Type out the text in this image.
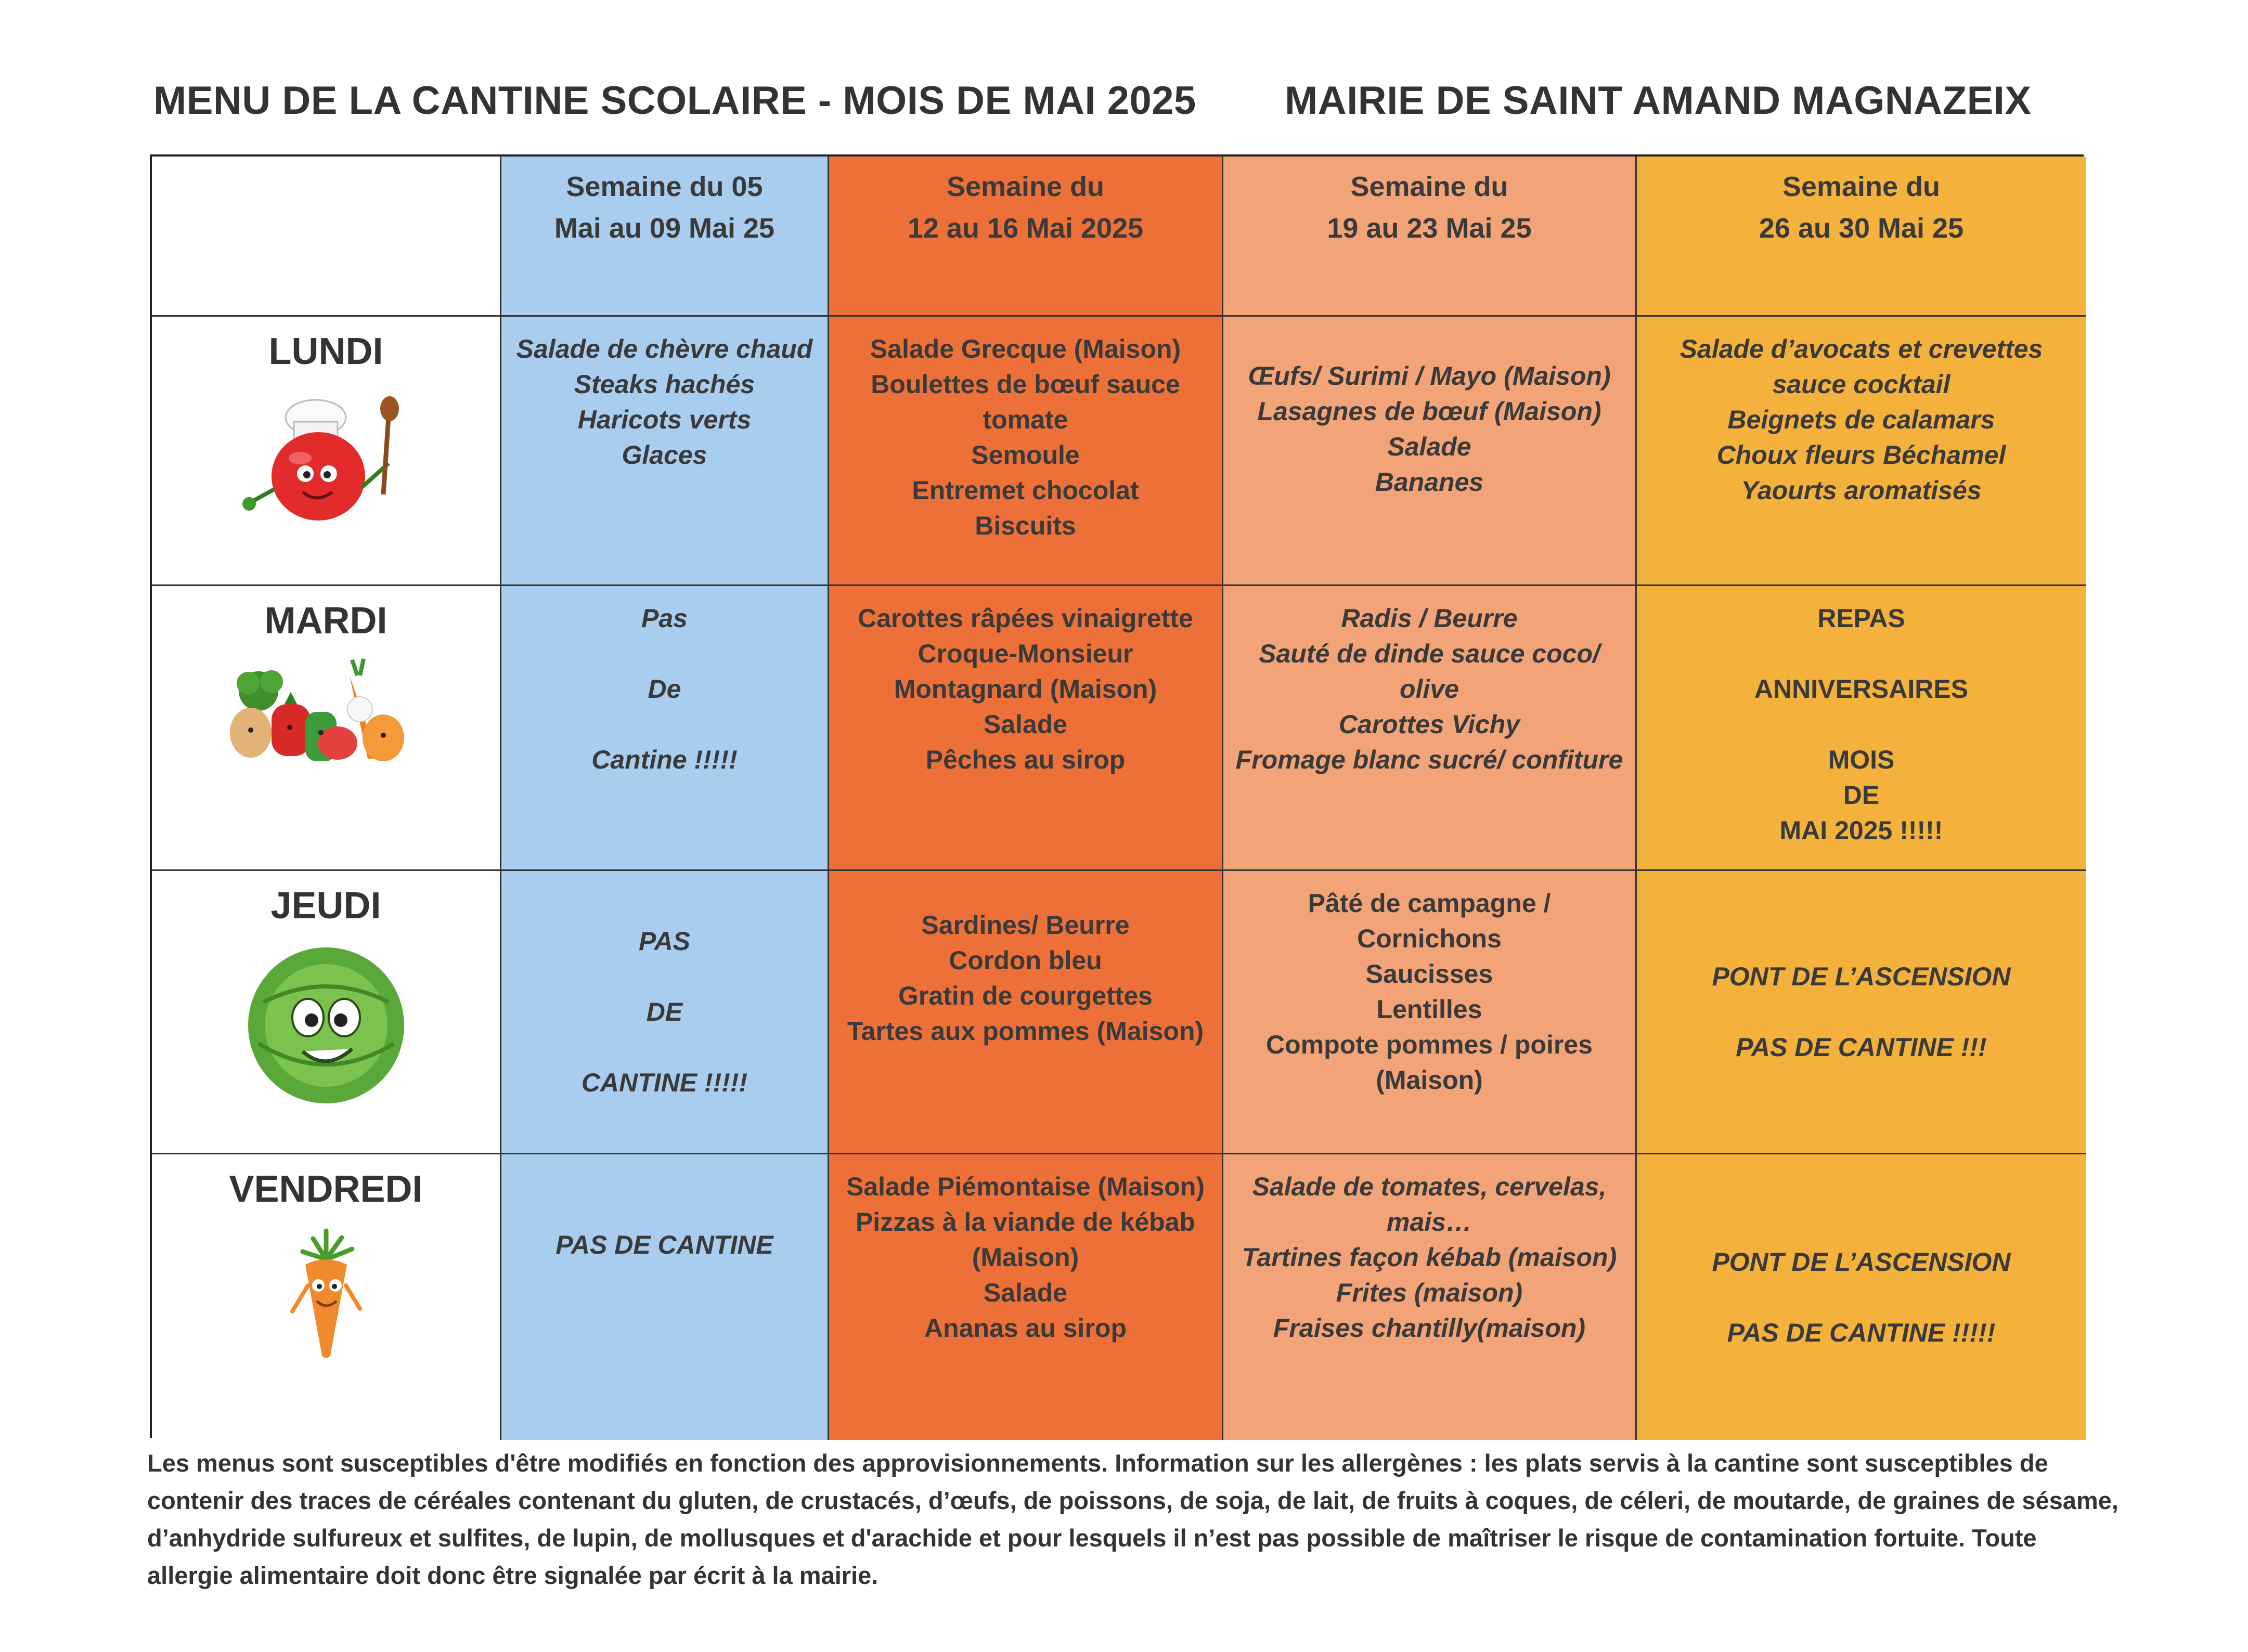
MENU DE LA CANTINE SCOLAIRE - MOIS DE MAI 2025 MAIRIE DE SAINT AMAND MAGNAZEIX
Semaine du 05
Mai au 09 Mai 25
Semaine du
12 au 16 Mai 2025
Semaine du
19 au 23 Mai 25
Semaine du
26 au 30 Mai 25
LUNDI	Salade de chèvre chaud
Steaks hachés
Haricots verts
Glaces
Salade Grecque (Maison)
Boulettes de bœuf sauce
tomate
Semoule
Entremet chocolat
Biscuits
Œufs/ Surimi / Mayo (Maison)
Lasagnes de bœuf (Maison)
Salade
Bananes
Salade d’avocats et crevettes
sauce cocktail
Beignets de calamars
Choux fleurs Béchamel
Yaourts aromatisés
MARDI	Pas
De
Cantine !!!!!
Carottes râpées vinaigrette
Croque-Monsieur
Montagnard (Maison)
Salade
Pêches au sirop
Radis / Beurre
Sauté de dinde sauce coco/
olive
Carottes Vichy
Fromage blanc sucré/ confiture
REPAS
ANNIVERSAIRES
MOIS
DE
MAI 2025 !!!!!
JEUDI
PAS
DE
CANTINE !!!!!
Sardines/ Beurre
Cordon bleu
Gratin de courgettes
Tartes aux pommes (Maison)
Pâté de campagne /
Cornichons
Saucisses
Lentilles
Compote pommes / poires
(Maison)
PONT DE L’ASCENSION
PAS DE CANTINE !!!
VENDREDI
PAS DE CANTINE
Salade Piémontaise (Maison)
Pizzas à la viande de kébab
(Maison)
Salade
Ananas au sirop
Salade de tomates, cervelas,
mais…
Tartines façon kébab (maison)
Frites (maison)
Fraises chantilly(maison)
PONT DE L’ASCENSION
PAS DE CANTINE !!!!!
Les menus sont susceptibles d'être modifiés en fonction des approvisionnements. Information sur les allergènes : les plats servis à la cantine sont susceptibles de
contenir des traces de céréales contenant du gluten, de crustacés, d’œufs, de poissons, de soja, de lait, de fruits à coques, de céleri, de moutarde, de graines de sésame,
d’anhydride sulfureux et sulfites, de lupin, de mollusques et d'arachide et pour lesquels il n’est pas possible de maîtriser le risque de contamination fortuite. Toute
allergie alimentaire doit donc être signalée par écrit à la mairie.
